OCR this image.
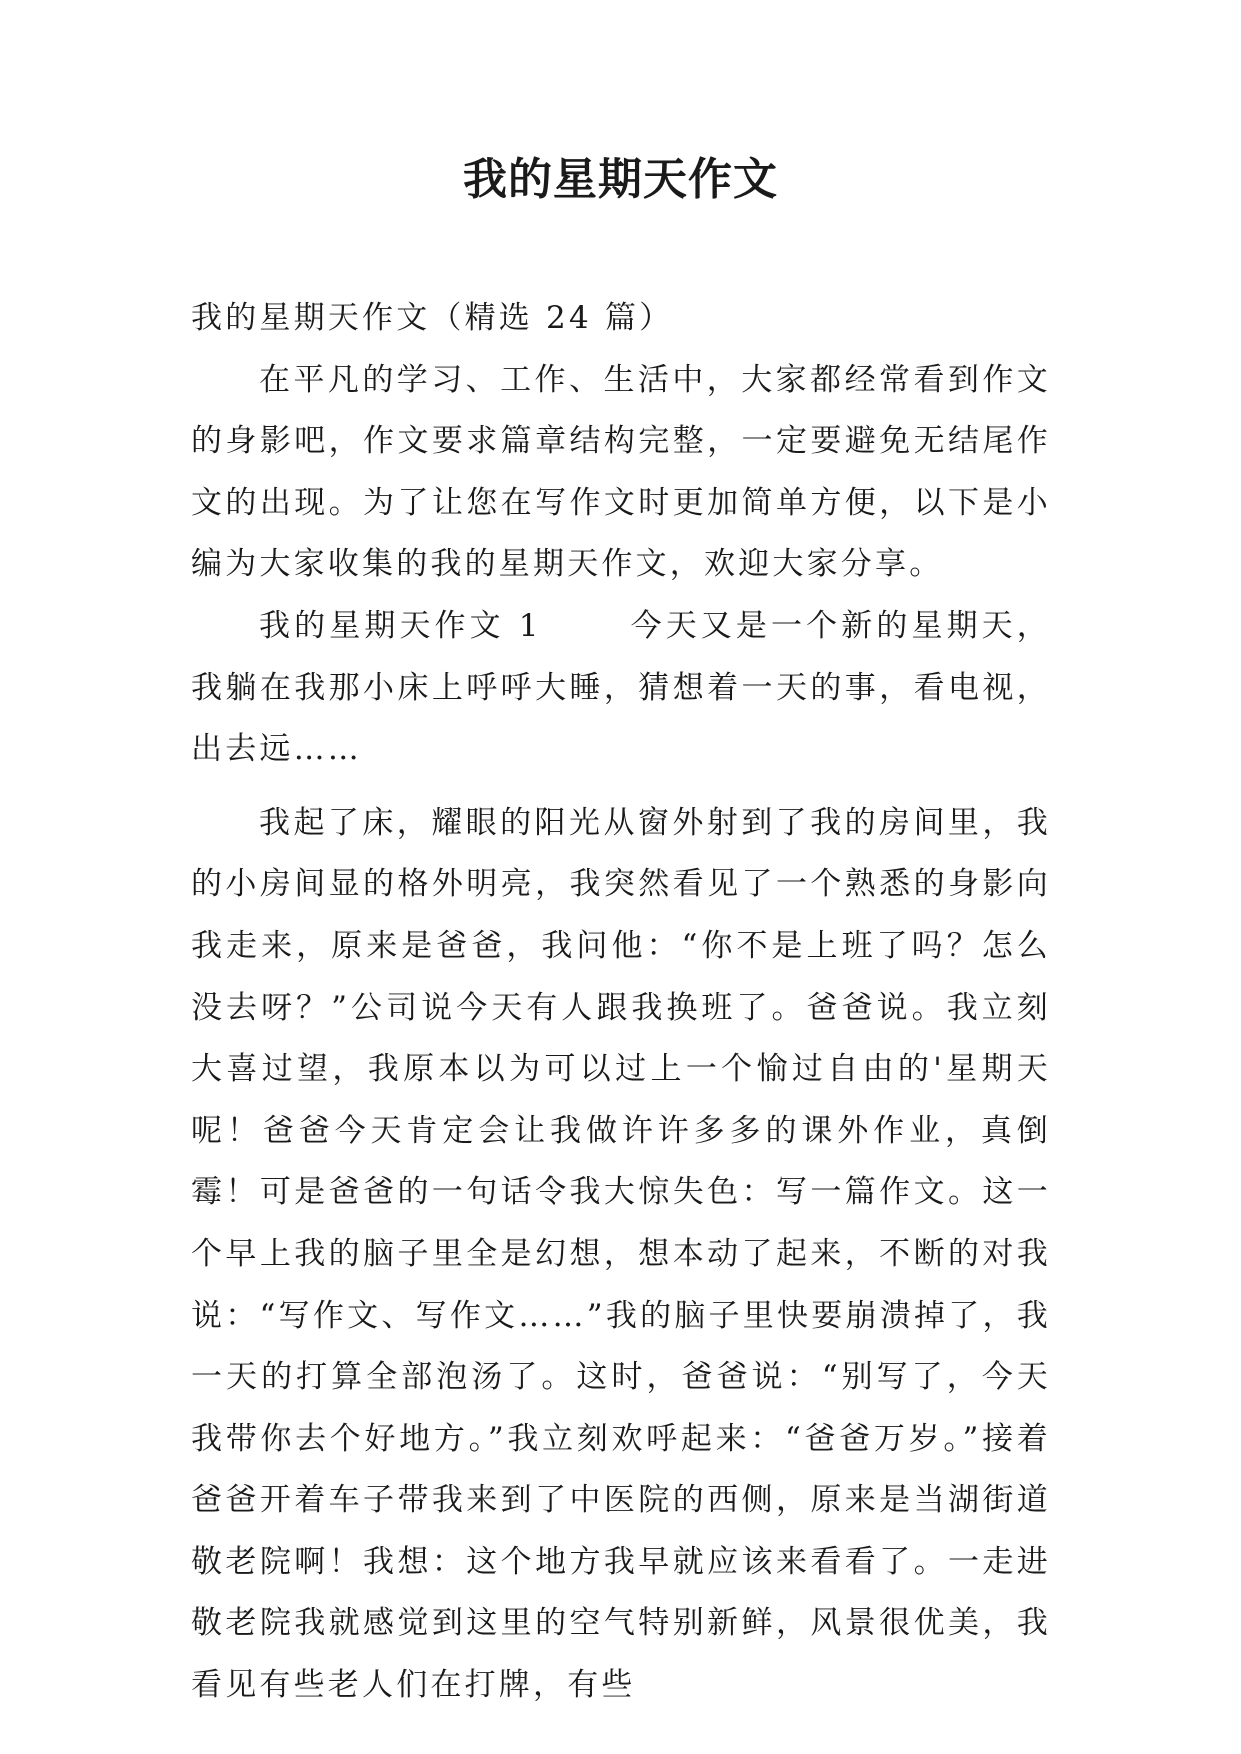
我的星期天作文

我的星期天作文（精选 24 篇）

在平凡的学习、工作、生活中，大家都经常看到作文的身影吧，作文要求篇章结构完整，一定要避免无结尾作文的出现。为了让您在写作文时更加简单方便，以下是小编为大家收集的我的星期天作文，欢迎大家分享。

我的星期天作文 1	今天又是一个新的星期天，我躺在我那小床上呼呼大睡，猜想着一天的事，看电视，出去远……

我起了床，耀眼的阳光从窗外射到了我的房间里，我的小房间显的格外明亮，我突然看见了一个熟悉的身影向我走来，原来是爸爸，我问他：“你不是上班了吗？怎么没去呀？”公司说今天有人跟我换班了。爸爸说。我立刻大喜过望，我原本以为可以过上一个愉过自由的'星期天呢！爸爸今天肯定会让我做许许多多的课外作业，真倒霉！可是爸爸的一句话令我大惊失色：写一篇作文。这一个早上我的脑子里全是幻想，想本动了起来，不断的对我说：“写作文、写作文……”我的脑子里快要崩溃掉了，我一天的打算全部泡汤了。这时，爸爸说：“别写了，今天我带你去个好地方。”我立刻欢呼起来：“爸爸万岁。”接着爸爸开着车子带我来到了中医院的西侧，原来是当湖街道敬老院啊！我想：这个地方我早就应该来看看了。一走进敬老院我就感觉到这里的空气特别新鲜，风景很优美，我看见有些老人们在打牌，有些
